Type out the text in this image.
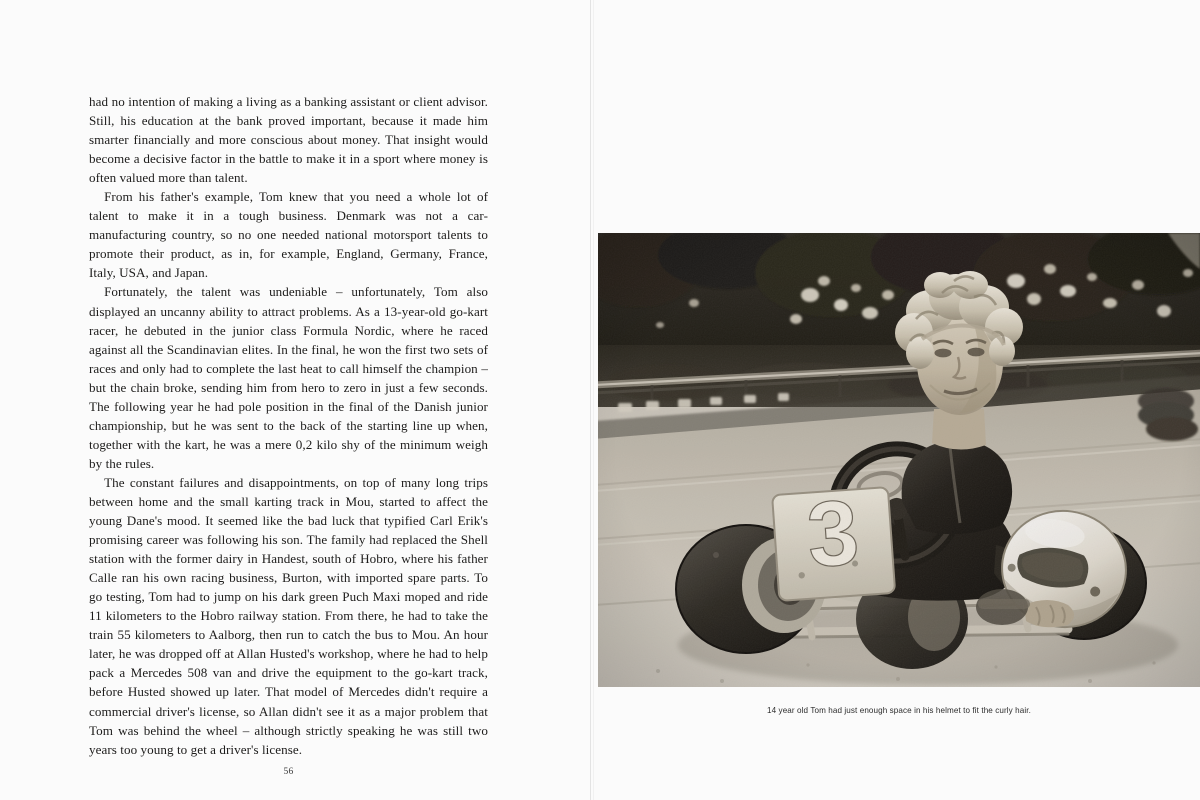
had no intention of making a living as a banking assistant or client advisor. Still, his education at the bank proved important, because it made him smarter financially and more conscious about money. That insight would become a decisive factor in the battle to make it in a sport where money is often valued more than talent.

From his father's example, Tom knew that you need a whole lot of talent to make it in a tough business. Denmark was not a car-manufacturing country, so no one needed national motorsport talents to promote their product, as in, for example, England, Germany, France, Italy, USA, and Japan.

Fortunately, the talent was undeniable – unfortunately, Tom also displayed an uncanny ability to attract problems. As a 13-year-old go-kart racer, he debuted in the junior class Formula Nordic, where he raced against all the Scandinavian elites. In the final, he won the first two sets of races and only had to complete the last heat to call himself the champion – but the chain broke, sending him from hero to zero in just a few seconds. The following year he had pole position in the final of the Danish junior championship, but he was sent to the back of the starting line up when, together with the kart, he was a mere 0,2 kilo shy of the minimum weigh by the rules.

The constant failures and disappointments, on top of many long trips between home and the small karting track in Mou, started to affect the young Dane's mood. It seemed like the bad luck that typified Carl Erik's promising career was following his son. The family had replaced the Shell station with the former dairy in Handest, south of Hobro, where his father Calle ran his own racing business, Burton, with imported spare parts. To go testing, Tom had to jump on his dark green Puch Maxi moped and ride 11 kilometers to the Hobro railway station. From there, he had to take the train 55 kilometers to Aalborg, then run to catch the bus to Mou. An hour later, he was dropped off at Allan Husted's workshop, where he had to help pack a Mercedes 508 van and drive the equipment to the go-kart track, before Husted showed up later. That model of Mercedes didn't require a commercial driver's license, so Allan didn't see it as a major problem that Tom was behind the wheel – although strictly speaking he was still two years too young to get a driver's license.

56
14 year old Tom had just enough space in his helmet to fit the curly hair.
